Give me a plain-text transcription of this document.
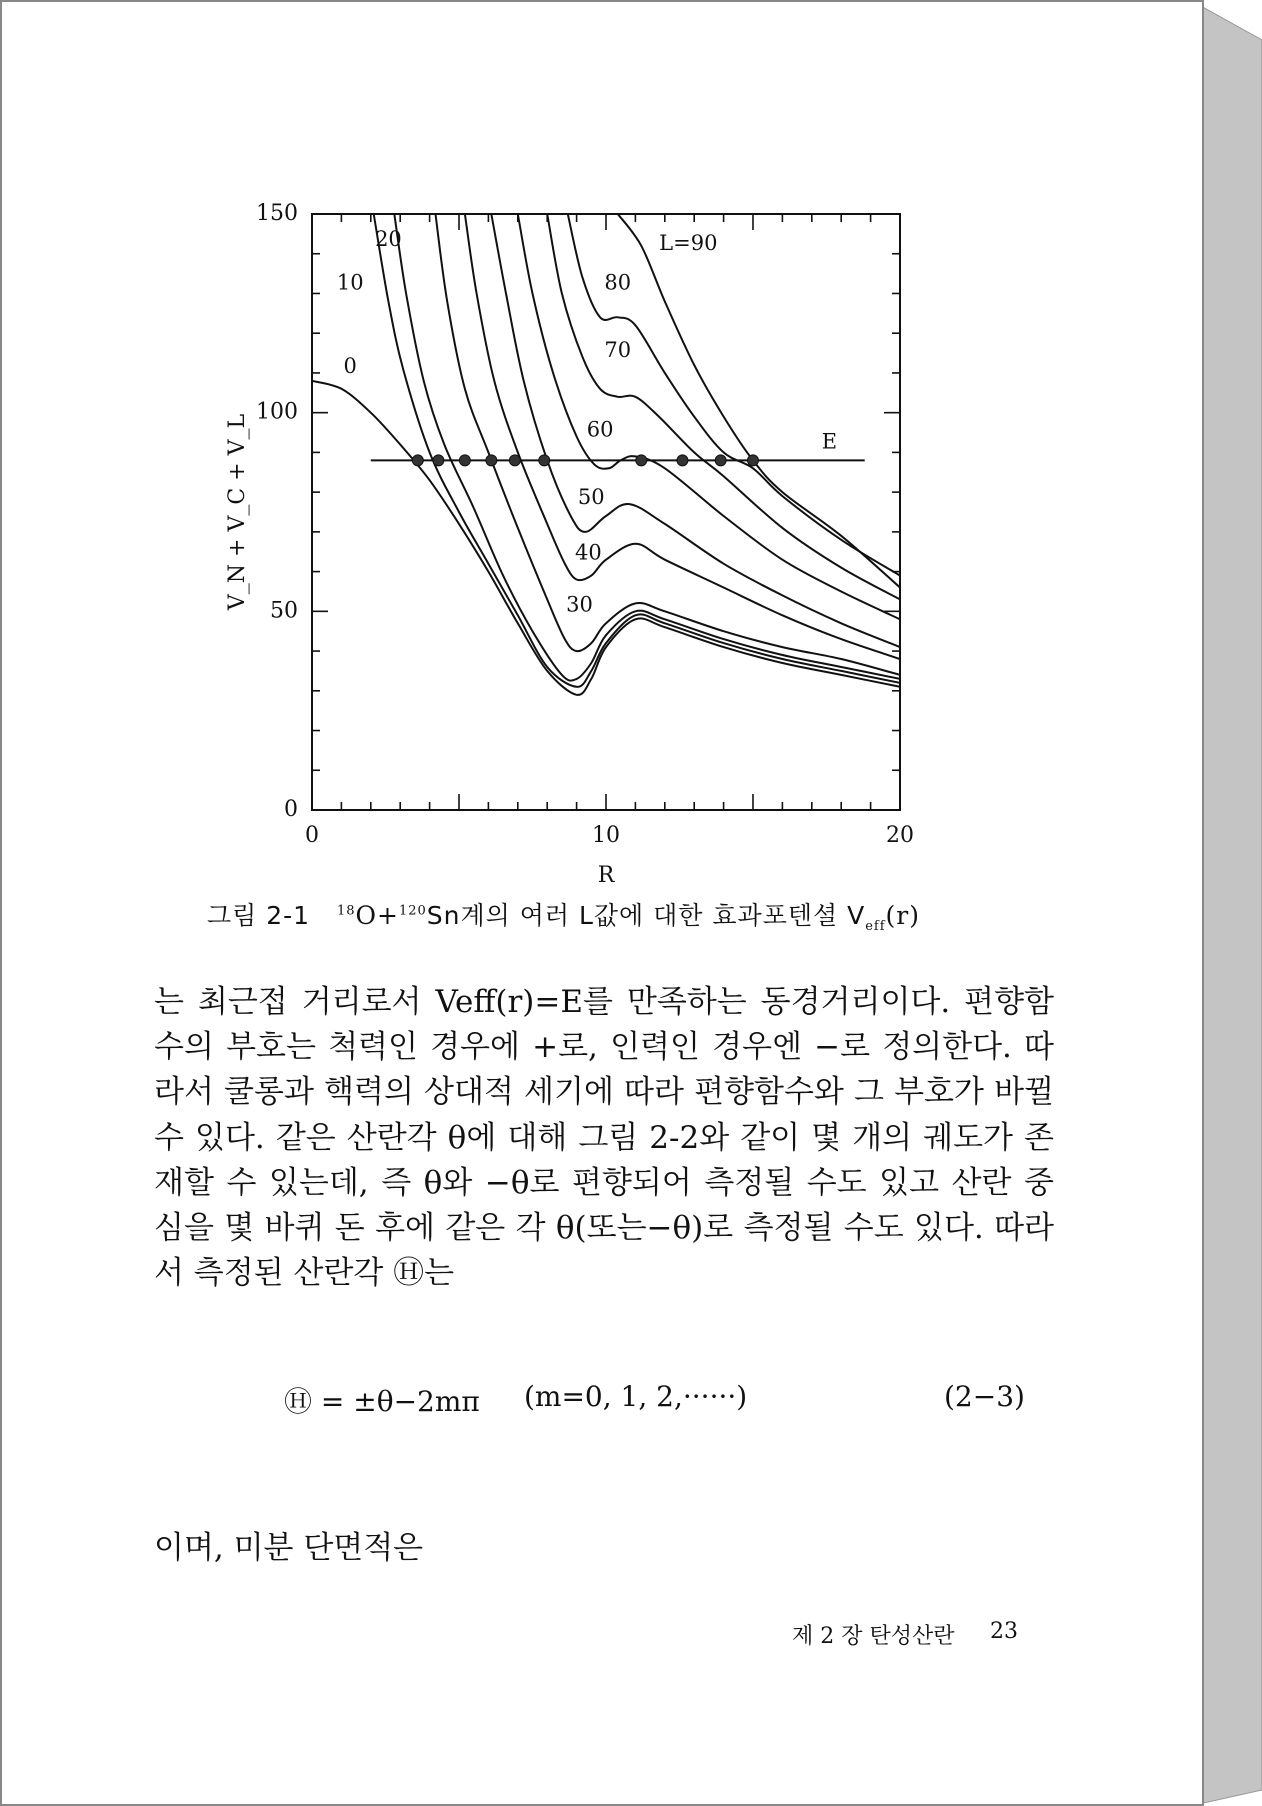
0	10	20
0
50
100
150
E
R
V_N + V_C + V_L
0
10
20
30
40
50
60
70
80
L=90
그림 2-1 $^{18}$O+$^{120}$Sn계의 여러 L값에 대한 효과포텐셜 $V_{eff}(r)$

는 최근접 거리로서 Veff(r)=E를 만족하는 동경거리이다. 편향함수의 부호는 척력인 경우에 +로, 인력인 경우엔 −로 정의한다. 따라서 쿨롱과 핵력의 상대적 세기에 따라 편향함수와 그 부호가 바뀔 수 있다. 같은 산란각 θ에 대해 그림 2-2와 같이 몇 개의 궤도가 존재할 수 있는데, 즉 θ와 −θ로 편향되어 측정될 수도 있고 산란 중심을 몇 바퀴 돈 후에 같은 각 θ(또는−θ)로 측정될 수도 있다. 따라서 측정된 산란각 Ⓗ는

Ⓗ = ±θ−2mπ (m=0, 1, 2,······)	(2−3)
이며, 미분 단면적은
제 2 장 탄성산란 23
